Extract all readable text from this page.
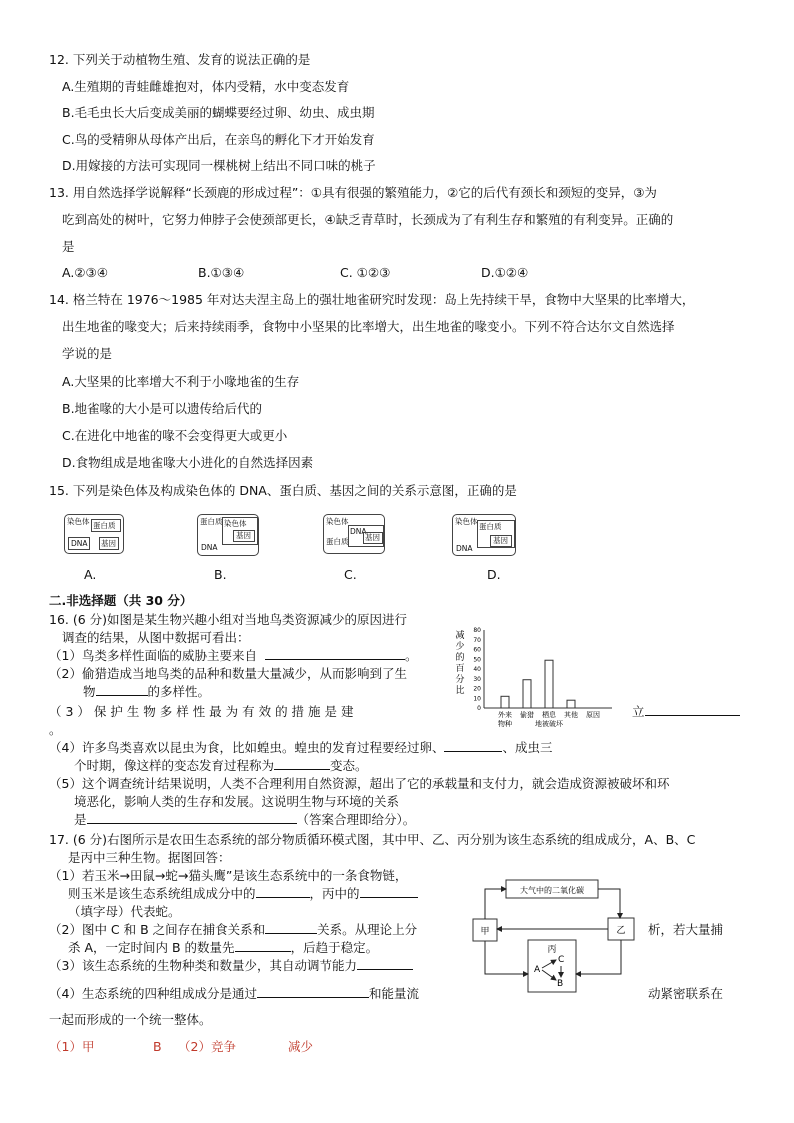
12. 下列关于动植物生殖、发育的说法正确的是
A.生殖期的青蛙雌雄抱对，体内受精，水中变态发育
B.毛毛虫长大后变成美丽的蝴蝶要经过卵、幼虫、成虫期
C.鸟的受精卵从母体产出后，在亲鸟的孵化下才开始发育
D.用嫁接的方法可实现同一棵桃树上结出不同口味的桃子
13. 用自然选择学说解释“长颈鹿的形成过程”：①具有很强的繁殖能力，②它的后代有颈长和颈短的变异，③为
吃到高处的树叶，它努力伸脖子会使颈部更长，④缺乏青草时，长颈成为了有利生存和繁殖的有利变异。正确的
是
A.②③④	B.①③④	C. ①②③	D.①②④
14. 格兰特在 1976～1985 年对达夫涅主岛上的强壮地雀研究时发现：岛上先持续干旱，食物中大坚果的比率增大，
出生地雀的喙变大；后来持续雨季，食物中小坚果的比率增大，出生地雀的喙变小。下列不符合达尔文自然选择
学说的是
A.大坚果的比率增大不利于小喙地雀的生存
B.地雀喙的大小是可以遗传给后代的
C.在进化中地雀的喙不会变得更大或更小
D.食物组成是地雀喙大小进化的自然选择因素
15. 下列是染色体及构成染色体的 DNA、蛋白质、基因之间的关系示意图，正确的是
染色体 蛋白质
DNA 基因
A.
蛋白质 染色体
基因
DNA
B.
染色体
DNA
基因
蛋白质
C.
染色体
蛋白质
基因
DNA
D.
二.非选择题（共 30 分）
16. (6 分)如图是某生物兴趣小组对当地鸟类资源减少的原因进行
调查的结果，从图中数据可看出：
（1）鸟类多样性面临的威胁主要来自	。
（2）偷猎造成当地鸟类的品种和数量大量减少，从而影响到了生
物	的多样性。
（ 3 ） 保 护 生 物 多 样 性 最 为 有 效 的 措 施 是 建	立
。
减
少
的
百
分
比
80
70
60
50
40
30
20
10
0
外来
物种
偷猎 栖息
地被破坏
其他 原因
（4）许多鸟类喜欢以昆虫为食，比如蝗虫。蝗虫的发育过程要经过卵、	、成虫三
个时期，像这样的变态发育过程称为	变态。
（5）这个调查统计结果说明，人类不合理利用自然资源，超出了它的承载量和支付力，就会造成资源被破坏和环
境恶化，影响人类的生存和发展。这说明生物与环境的关系
是	（答案合理即给分）。
17. (6 分)右图所示是农田生态系统的部分物质循环模式图，其中甲、乙、丙分别为该生态系统的组成成分，A、B、C
是丙中三种生物。据图回答：
（1）若玉米→田鼠→蛇→猫头鹰”是该生态系统中的一条食物链，
则玉米是该生态系统组成成分中的	，丙中的
（填字母）代表蛇。
（2）图中 C 和 B 之间存在捕食关系和	关系。从理论上分	析，若大量捕
杀 A，一定时间内 B 的数量先	，后趋于稳定。
（3）该生态系统的生物种类和数量少，其自动调节能力
（4）生态系统的四种组成成分是通过	和能量流	动紧密联系在
一起而形成的一个统一整体。
大气中的二氧化碳
甲	乙
丙
A
C
B
（1）甲	B （2）竞争	减少
